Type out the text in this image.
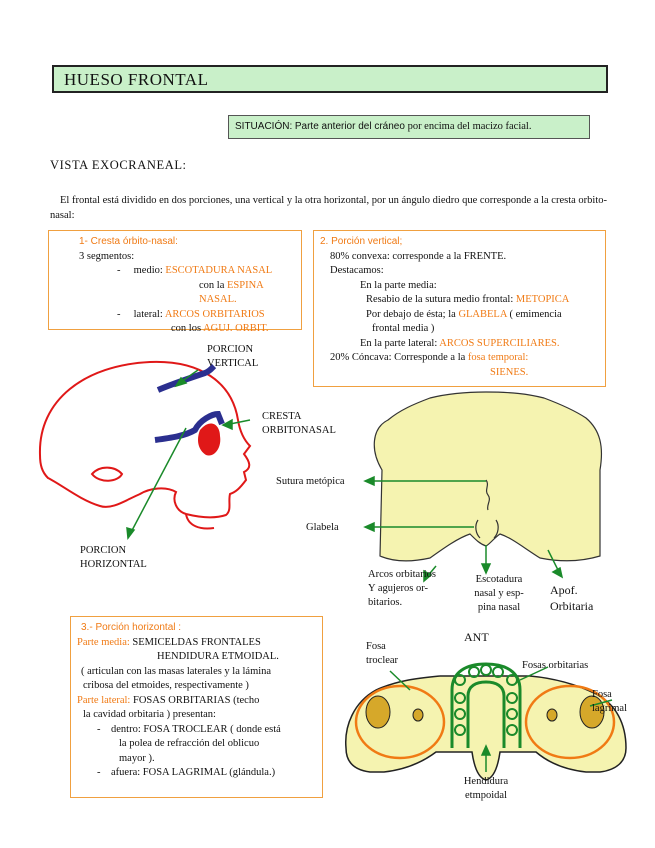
HUESO FRONTAL
SITUACIÓN: Parte anterior del cráneo por encima del macizo facial.
VISTA EXOCRANEAL:
El frontal está dividido en dos porciones, una vertical y la otra horizontal, por un ángulo diedro que corresponde a la cresta orbito-nasal:
1- Cresta órbito-nasal:
3 segmentos:
-     medio: ESCOTADURA NASAL
con la ESPINA NASAL.
-     lateral: ARCOS ORBITARIOS
con los AGUJ. ORBIT.
2. Porción vertical;
80% convexa: corresponde a la FRENTE.
Destacamos:
En la parte media:
Resabio de la sutura medio frontal: METOPICA
Por debajo de ésta; la GLABELA ( emimencia
frontal media )
En la parte lateral: ARCOS SUPERCILIARES.
20% Cóncava: Corresponde a la fosa temporal:
SIENES.
PORCION
VERTICAL
CRESTA
ORBITONASAL
PORCION
HORIZONTAL
Sutura metópica
Glabela
Arcos orbitarios
Y agujeros or-
bitarios.
Escotadura
nasal y esp-
pina nasal
Apof.
Orbitaria
3.- Porción horizontal :
Parte media: SEMICELDAS FRONTALES
HENDIDURA ETMOIDAL.
( articulan con las masas laterales y la lámina
cribosa del etmoides, respectivamente )
Parte lateral: FOSAS ORBITARIAS (techo
la cavidad orbitaria ) presentan:
-    dentro: FOSA TROCLEAR ( donde está
la polea de refracción del oblicuo
mayor ).
-    afuera: FOSA LAGRIMAL (glándula.)
ANT
Fosa
troclear	Fosas orbitarias
Fosa
lagrimal
Hendidura
etmpoidal
